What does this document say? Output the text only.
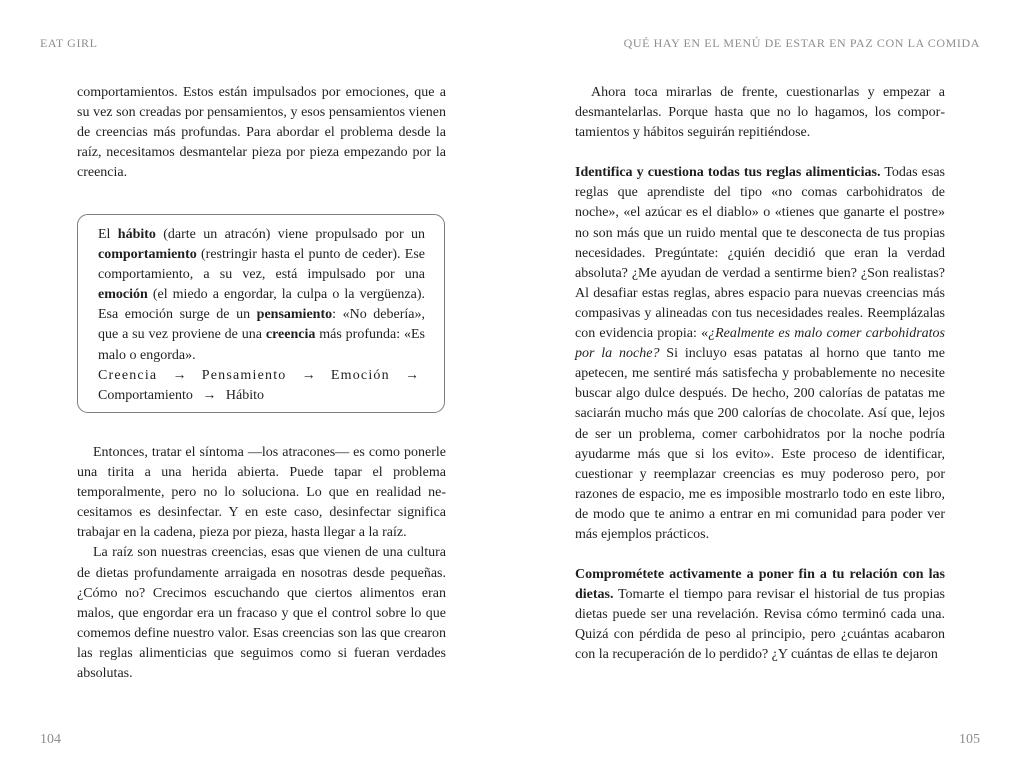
EAT GIRL	QUÉ HAY EN EL MENÚ DE ESTAR EN PAZ CON LA COMIDA

comportamientos. Estos están impulsados por emociones, que a su vez son creadas por pensamientos, y esos pensamientos vienen de creencias más profundas. Para abordar el problema desde la raíz, necesitamos desmantelar pieza por pieza empezando por la creencia.

El hábito (darte un atracón) viene propulsado por un comportamiento (restringir hasta el punto de ceder). Ese comportamiento, a su vez, está impulsado por una emoción (el miedo a engordar, la culpa o la vergüenza). Esa emoción surge de un pensamiento: «No debería», que a su vez proviene de una creencia más profunda: «Es malo o engorda».

Creencia → Pensamiento → Emoción →
Comportamiento → Hábito

Entonces, tratar el síntoma —los atracones— es como ponerle una tirita a una herida abierta. Puede tapar el problema temporalmente, pero no lo soluciona. Lo que en realidad necesitamos es desinfectar. Y en este caso, desinfectar significa trabajar en la cadena, pieza por pieza, hasta llegar a la raíz.

La raíz son nuestras creencias, esas que vienen de una cultura de dietas profundamente arraigada en nosotras desde pequeñas. ¿Cómo no? Crecimos escuchando que ciertos alimentos eran malos, que engordar era un fracaso y que el control sobre lo que comemos define nuestro valor. Esas creencias son las que crearon las reglas alimenticias que seguimos como si fueran verdades absolutas.

104

Ahora toca mirarlas de frente, cuestionarlas y empezar a desmantelarlas. Porque hasta que no lo hagamos, los comportamientos y hábitos seguirán repitiéndose.

Identifica y cuestiona todas tus reglas alimenticias. Todas esas reglas que aprendiste del tipo «no comas carbohidratos de noche», «el azúcar es el diablo» o «tienes que ganarte el postre» no son más que un ruido mental que te desconecta de tus propias necesidades. Pregúntate: ¿quién decidió que eran la verdad absoluta? ¿Me ayudan de verdad a sentirme bien? ¿Son realistas? Al desafiar estas reglas, abres espacio para nuevas creencias más compasivas y alineadas con tus necesidades reales. Reemplázalas con evidencia propia: «¿Realmente es malo comer carbohidratos por la noche? Si incluyo esas patatas al horno que tanto me apetecen, me sentiré más satisfecha y probablemente no necesite buscar algo dulce después. De hecho, 200 calorías de patatas me saciarán mucho más que 200 calorías de chocolate. Así que, lejos de ser un problema, comer carbohidratos por la noche podría ayudarme más que si los evito». Este proceso de identificar, cuestionar y reemplazar creencias es muy poderoso pero, por razones de espacio, me es imposible mostrarlo todo en este libro, de modo que te animo a entrar en mi comunidad para poder ver más ejemplos prácticos.

Comprométete activamente a poner fin a tu relación con las dietas. Tomarte el tiempo para revisar el historial de tus propias dietas puede ser una revelación. Revisa cómo terminó cada una. Quizá con pérdida de peso al principio, pero ¿cuántas acabaron con la recuperación de lo perdido? ¿Y cuántas de ellas te dejaron

105
